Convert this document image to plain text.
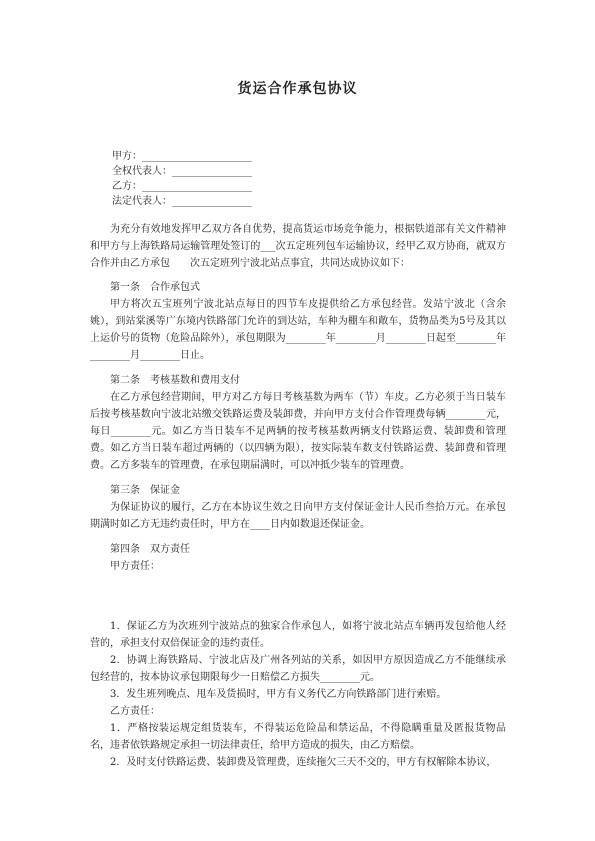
货运合作承包协议
甲方：______________________
全权代表人：________________
乙方：______________________
法定代表人：________________

为充分有效地发挥甲乙双方各自优势，提高货运市场竞争能力，根据铁道部有关文件精神和甲方与上海铁路局运输管理处签订的___次五定班列包车运输协议，经甲乙双方协商，就双方合作并由乙方承包　　次五定班列宁波北站点事宜，共同达成协议如下：

第一条　合作承包式

甲方将次五宝班列宁波北站点每日的四节车皮提供给乙方承包经营。发站宁波北（含余姚），到站棠溪等广东境内铁路部门允许的到达站，车种为棚车和敞车，货物品类为5号及其以上运价号的货物（危险品除外），承包期限为________年________月________日起至________年________月________日止。

第二条　考核基数和费用支付

在乙方承包经营期间，甲方对乙方每日考核基数为两车（节）车皮。乙方必须于当日装车后按考核基数向宁波北站缴交铁路运费及装卸费，并向甲方支付合作管理费每辆________元，每日________元。如乙方当日装车不足两辆的按考核基数两辆支付铁路运费、装卸费和管理费。如乙方当日装车超过两辆的（以四辆为限），按实际装车数支付铁路运费、装卸费和管理费。乙方多装车的管理费，在承包期届满时，可以冲抵少装车的管理费。

第三条　保证金

为保证协议的履行，乙方在本协议生效之日向甲方支付保证金计人民币叁拾万元。在承包期满时如乙方无违约责任时，甲方在____日内如数退还保证金。

第四条　双方责任
甲方责任：

1．保证乙方为次班列宁波站点的独家合作承包人，如将宁波北站点车辆再发包给他人经营的，承担支付双倍保证金的违约责任。

2．协调上海铁路局、宁波北店及广州各列站的关系，如因甲方原因造成乙方不能继续承包经营的，按本协议承包期限每少一日赔偿乙方损失________元。

3．发生班列晚点、甩车及货损时，甲方有义务代乙方向铁路部门进行索赔。

乙方责任：

1．严格按装运规定组货装车，不得装运危险品和禁运品，不得隐瞒重量及匿报货物品名，违者依铁路规定承担一切法律责任，给甲方造成的损失，由乙方赔偿。

2．及时支付铁路运费、装卸费及管理费，连续拖欠三天不交的，甲方有权解除本协议，
